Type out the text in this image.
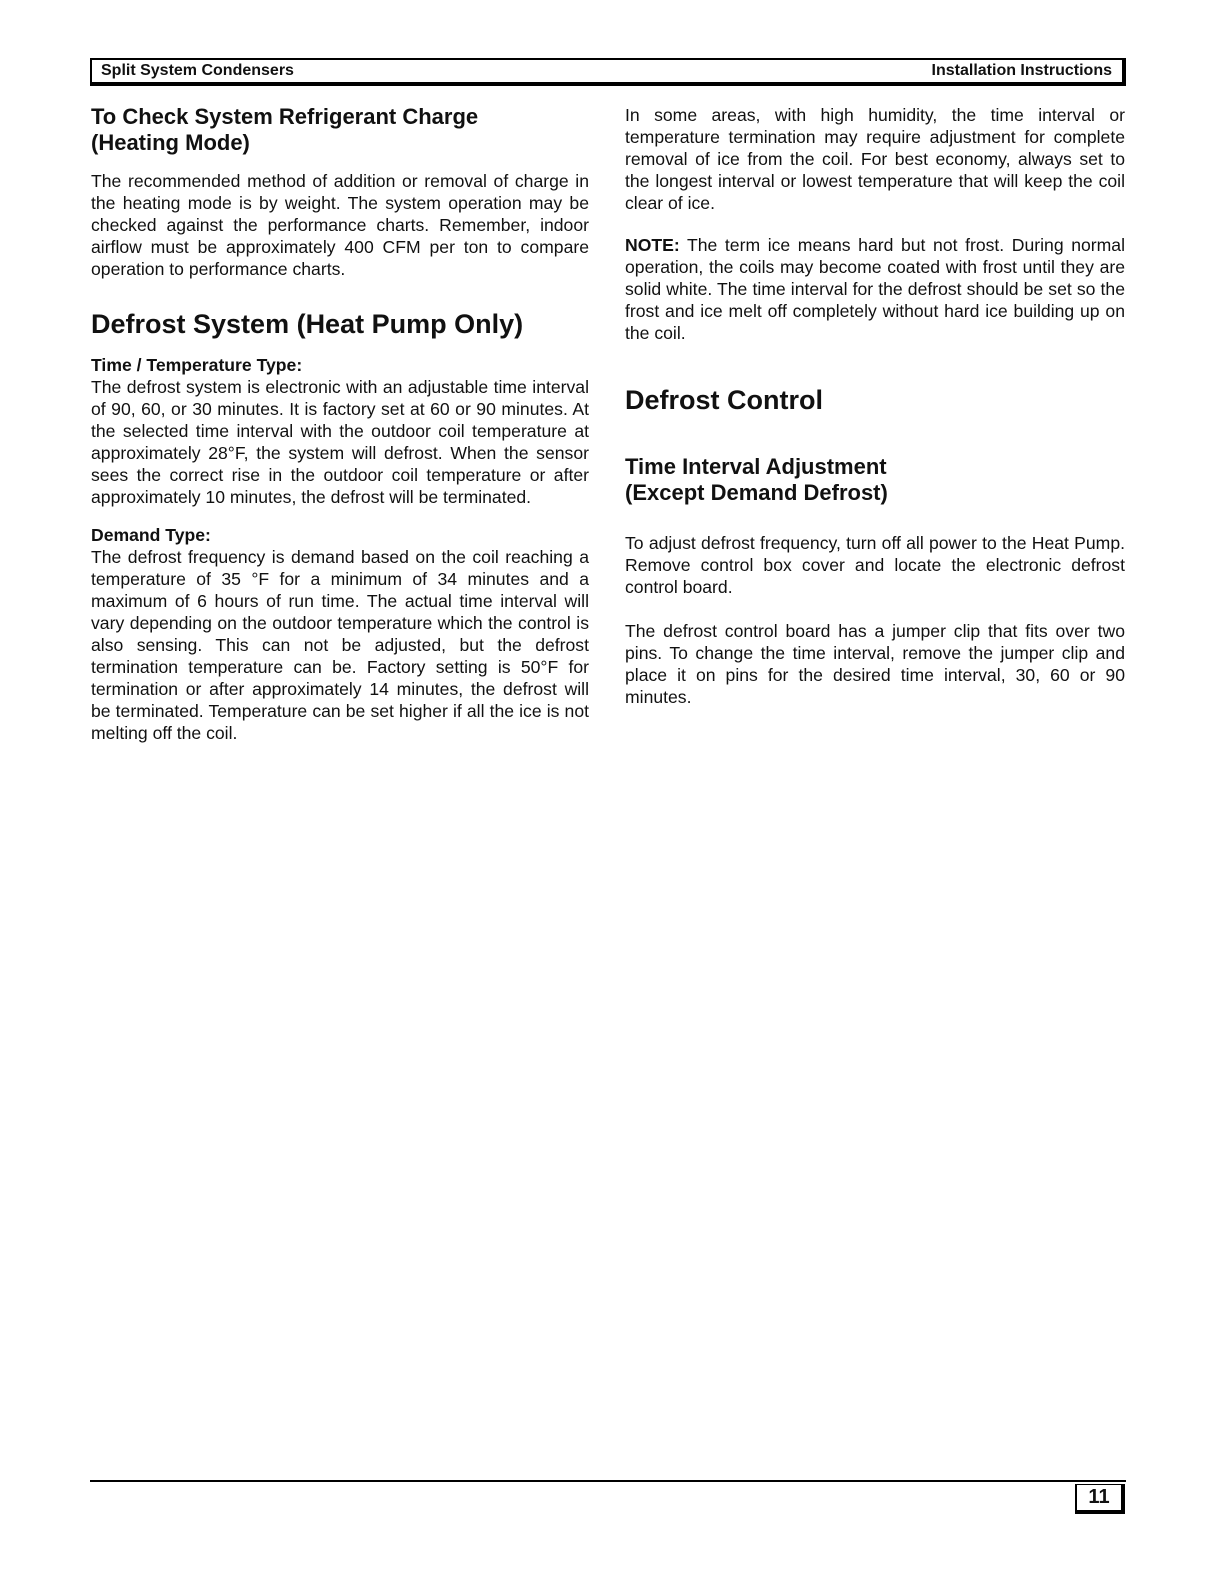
Split System Condensers	Installation Instructions
To Check System Refrigerant Charge (Heating Mode)

The recommended method of addition or removal of charge in the heating mode is by weight. The system operation may be checked against the performance charts. Remember, indoor airflow must be approximately 400 CFM per ton to compare operation to performance charts.

Defrost System (Heat Pump Only)
Time / Temperature Type:

The defrost system is electronic with an adjustable time interval of 90, 60, or 30 minutes. It is factory set at 60 or 90 minutes. At the selected time interval with the outdoor coil temperature at approximately 28°F, the system will defrost. When the sensor sees the correct rise in the outdoor coil temperature or after approximately 10 minutes, the defrost will be terminated.

Demand Type:

The defrost frequency is demand based on the coil reaching a temperature of 35 °F for a minimum of 34 minutes and a maximum of 6 hours of run time. The actual time interval will vary depending on the outdoor temperature which the control is also sensing. This can not be adjusted, but the defrost termination temperature can be. Factory setting is 50°F for termination or after approximately 14 minutes, the defrost will be terminated. Temperature can be set higher if all the ice is not melting off the coil.

In some areas, with high humidity, the time interval or temperature termination may require adjustment for complete removal of ice from the coil. For best economy, always set to the longest interval or lowest temperature that will keep the coil clear of ice.

NOTE: The term ice means hard but not frost. During normal operation, the coils may become coated with frost until they are solid white. The time interval for the defrost should be set so the frost and ice melt off completely without hard ice building up on the coil.

Defrost Control
Time Interval Adjustment
(Except Demand Defrost)

To adjust defrost frequency, turn off all power to the Heat Pump. Remove control box cover and locate the electronic defrost control board.

The defrost control board has a jumper clip that fits over two pins. To change the time interval, remove the jumper clip and place it on pins for the desired time interval, 30, 60 or 90 minutes.

11
